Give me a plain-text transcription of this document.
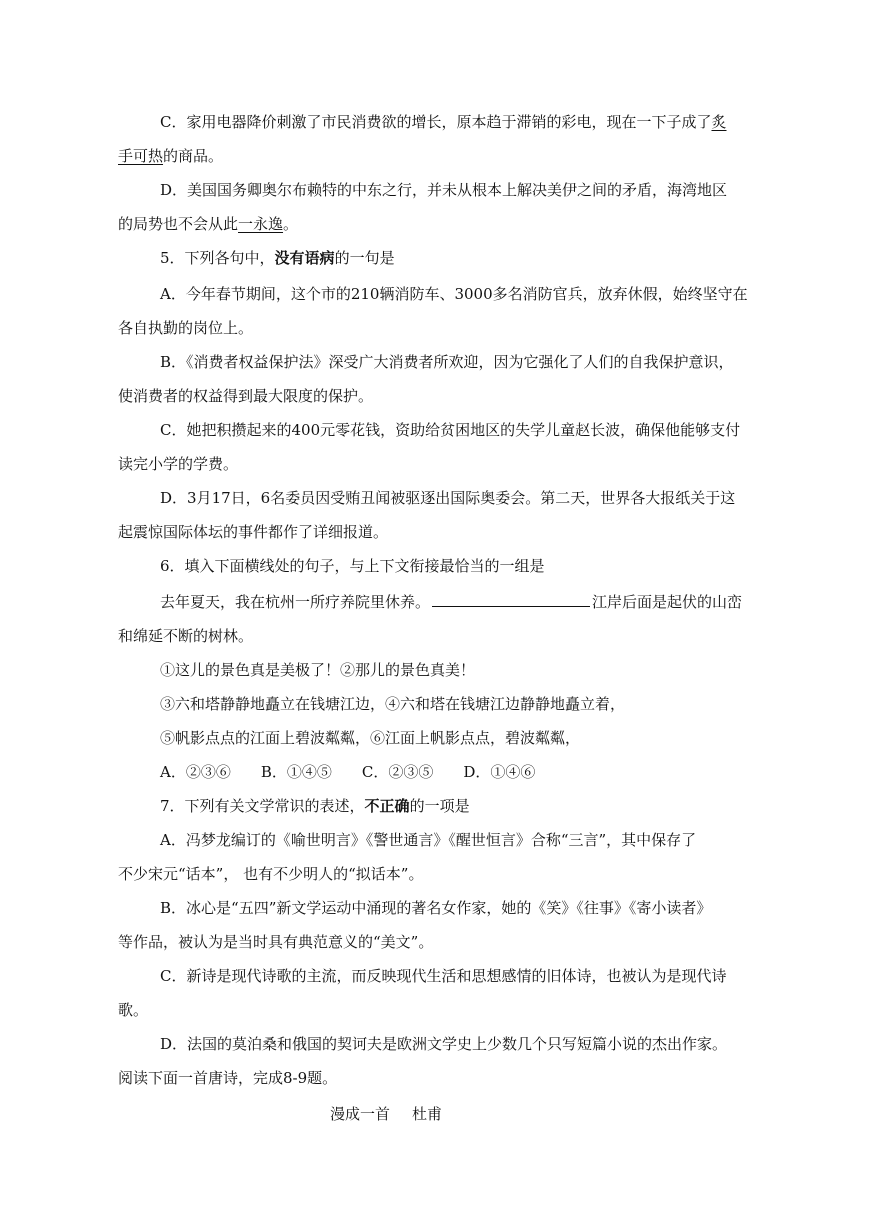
C．家用电器降价刺激了市民消费欲的增长，原本趋于滞销的彩电，现在一下子成了炙
手可热的商品。
D．美国国务卿奥尔布赖特的中东之行，并未从根本上解决美伊之间的矛盾，海湾地区
的局势也不会从此一永逸。
5．下列各句中，没有语病的一句是
A．今年春节期间，这个市的210辆消防车、3000多名消防官兵，放弃休假，始终坚守在
各自执勤的岗位上。
B．《消费者权益保护法》深受广大消费者所欢迎，因为它强化了人们的自我保护意识，
使消费者的权益得到最大限度的保护。
C．她把积攒起来的400元零花钱，资助给贫困地区的失学儿童赵长波，确保他能够支付
读完小学的学费。
D．3月17日，6名委员因受贿丑闻被驱逐出国际奥委会。第二天，世界各大报纸关于这
起震惊国际体坛的事件都作了详细报道。
6．填入下面横线处的句子，与上下文衔接最恰当的一组是
去年夏天，我在杭州一所疗养院里休养。	江岸后面是起伏的山峦
和绵延不断的树林。
①这儿的景色真是美极了！②那儿的景色真美！
③六和塔静静地矗立在钱塘江边，④六和塔在钱塘江边静静地矗立着，
⑤帆影点点的江面上碧波粼粼，⑥江面上帆影点点，碧波粼粼，
A．②③⑥ B．①④⑤ C．②③⑤ D．①④⑥
7．下列有关文学常识的表述，不正确的一项是
A．冯梦龙编订的《喻世明言》《警世通言》《醒世恒言》合称“三言”，其中保存了
不少宋元“话本”， 也有不少明人的“拟话本”。
B．冰心是“五四”新文学运动中涌现的著名女作家，她的《笑》《往事》《寄小读者》
等作品，被认为是当时具有典范意义的“美文”。
C．新诗是现代诗歌的主流，而反映现代生活和思想感情的旧体诗，也被认为是现代诗
歌。
D．法国的莫泊桑和俄国的契诃夫是欧洲文学史上少数几个只写短篇小说的杰出作家。
阅读下面一首唐诗，完成8-9题。
漫成一首 杜甫
